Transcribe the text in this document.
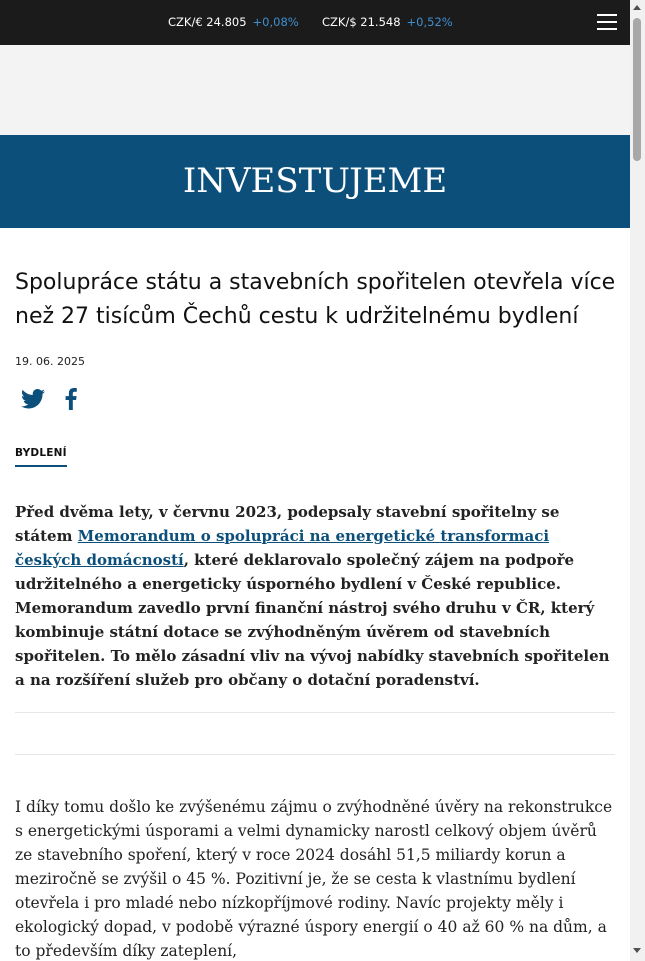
CZK/€ 24.805 +0,08% CZK/$ 21.548 +0,52%
INVESTUJEME
Spolupráce státu a stavebních spořitelen otevřela více než 27 tisícům Čechů cestu k udržitelnému bydlení
19. 06. 2025
BYDLENÍ

Před dvěma lety, v červnu 2023, podepsaly stavební spořitelny se státem Memorandum o spolupráci na energetické transformaci českých domácností, které deklarovalo společný zájem na podpoře udržitelného a energeticky úsporného bydlení v České republice. Memorandum zavedlo první finanční nástroj svého druhu v ČR, který kombinuje státní dotace se zvýhodněným úvěrem od stavebních spořitelen. To mělo zásadní vliv na vývoj nabídky stavebních spořitelen a na rozšíření služeb pro občany o dotační poradenství.

I díky tomu došlo ke zvýšenému zájmu o zvýhodněné úvěry na rekonstrukce s energetickými úsporami a velmi dynamicky narostl celkový objem úvěrů ze stavebního spoření, který v roce 2024 dosáhl 51,5 miliardy korun a meziročně se zvýšil o 45 %. Pozitivní je, že se cesta k vlastnímu bydlení otevřela i pro mladé nebo nízkopříjmové rodiny. Navíc projekty měly i ekologický dopad, v podobě výrazné úspory energií o 40 až 60 % na dům, a to především díky zateplení,
